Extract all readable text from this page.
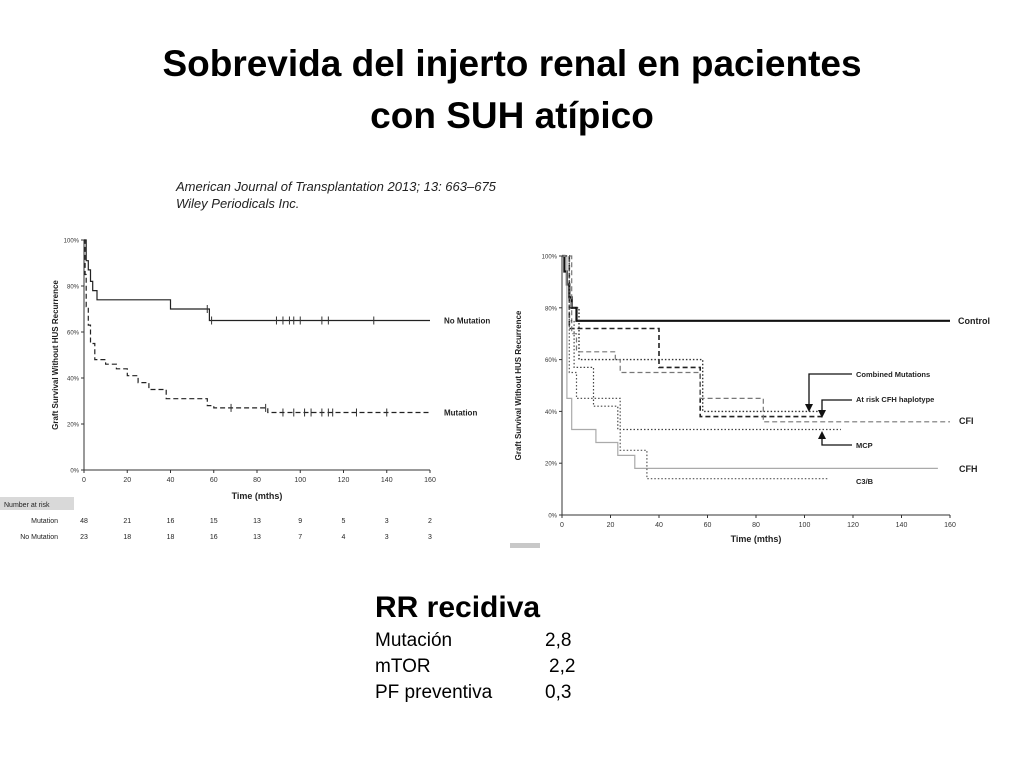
Sobrevida del injerto renal en pacientes
con SUH atípico
American Journal of Transplantation 2013; 13: 663–675
Wiley Periodicals Inc.
0	20	40	60	80	100	120	140	160
0%
20%
40%
60%
80%
100%
Time (mths)
Graft Survival Without HUS Recurrence	No Mutation
Mutation
Number at risk
Mutation	48	21	16	15	13	9	5	3	2
No Mutation	23	18	18	16	13	7	4	3	3
0	20	40	60	80	100	120	140	160
0%
20%
40%
60%
80%
100%
Time (mths)
Graft Survival Without HUS Recurrence	Control
Combined Mutations
At risk CFH haplotype
CFI
MCP
CFH
C3/B
RR recidiva
Mutación	2,8
mTOR	2,2
PF preventiva	0,3
